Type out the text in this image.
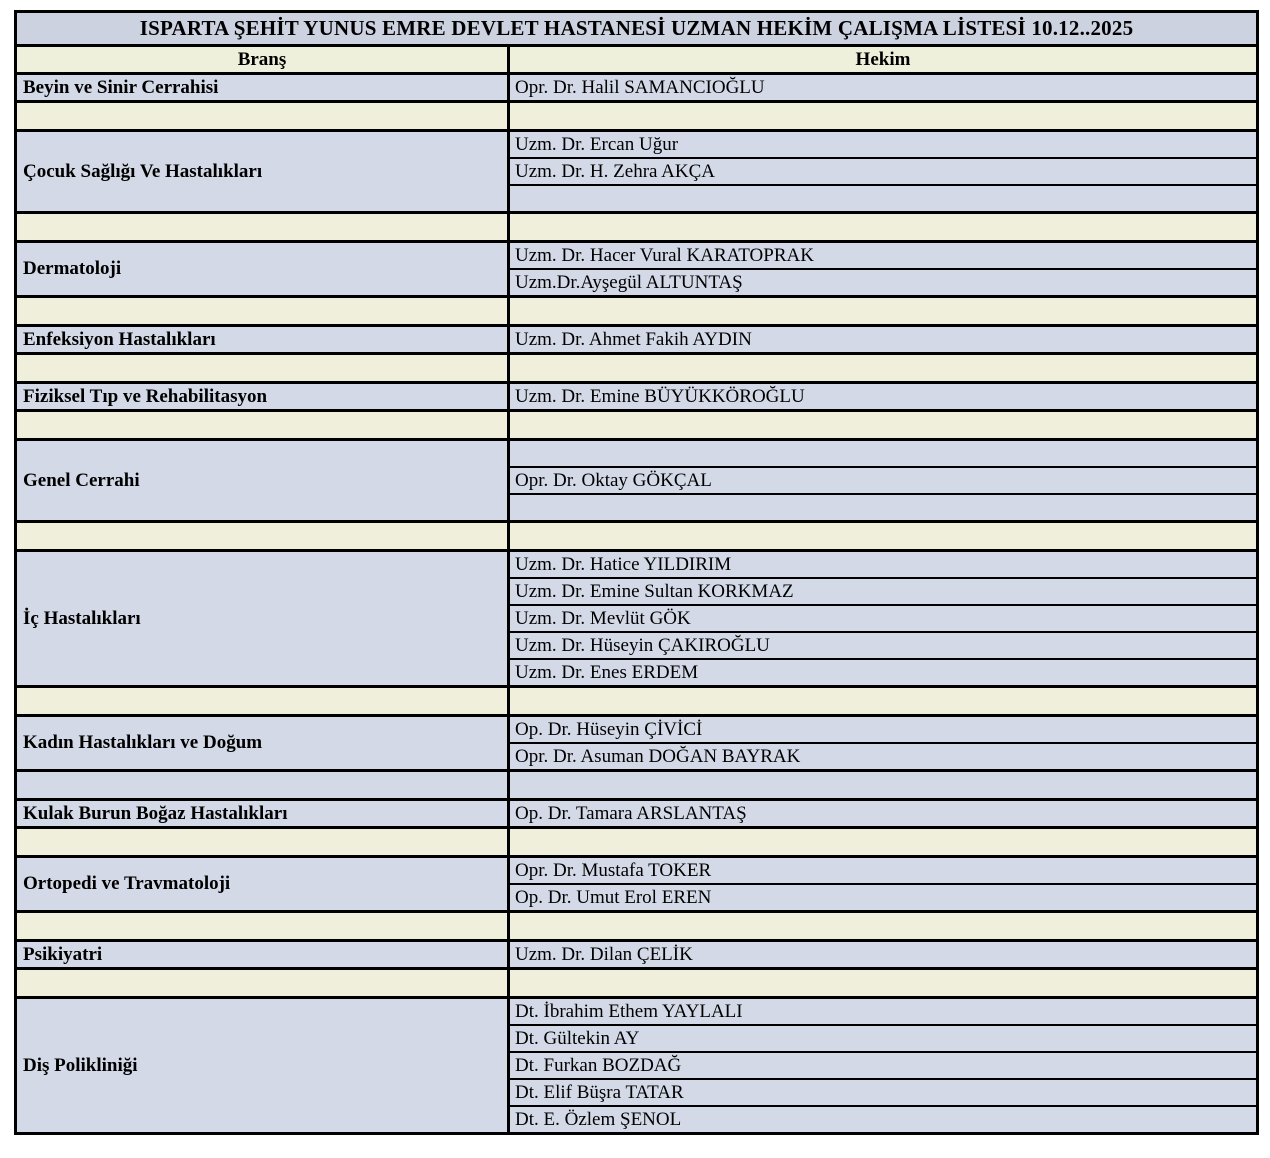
ISPARTA ŞEHİT YUNUS EMRE DEVLET HASTANESİ UZMAN HEKİM ÇALIŞMA LİSTESİ 10.12..2025	
Branş	Hekim
Beyin ve Sinir Cerrahisi	Opr. Dr. Halil SAMANCIOĞLU

Çocuk Sağlığı Ve Hastalıkları	Uzm. Dr. Ercan Uğur
	Uzm. Dr. H. Zehra AKÇA

Dermatoloji	Uzm. Dr. Hacer Vural KARATOPRAK
	Uzm.Dr.Ayşegül ALTUNTAŞ

Enfeksiyon Hastalıkları	Uzm. Dr. Ahmet Fakih AYDIN

Fiziksel Tıp ve Rehabilitasyon	Uzm. Dr. Emine BÜYÜKKÖROĞLU

Genel Cerrahi	
	Opr. Dr. Oktay GÖKÇAL

İç Hastalıkları	Uzm. Dr. Hatice YILDIRIM
	Uzm. Dr. Emine Sultan KORKMAZ
	Uzm. Dr. Mevlüt GÖK
	Uzm. Dr. Hüseyin ÇAKIROĞLU
	Uzm. Dr. Enes ERDEM

Kadın Hastalıkları ve Doğum	Op. Dr. Hüseyin ÇİVİCİ
	Opr. Dr. Asuman DOĞAN BAYRAK

Kulak Burun Boğaz Hastalıkları	Op. Dr. Tamara ARSLANTAŞ

Ortopedi ve Travmatoloji	Opr. Dr. Mustafa TOKER
	Op. Dr. Umut Erol EREN

Psikiyatri	Uzm. Dr. Dilan ÇELİK

Diş Polikliniği	Dt. İbrahim Ethem YAYLALI
	Dt. Gültekin AY
	Dt. Furkan BOZDAĞ
	Dt. Elif Büşra TATAR
	Dt. E. Özlem ŞENOL
